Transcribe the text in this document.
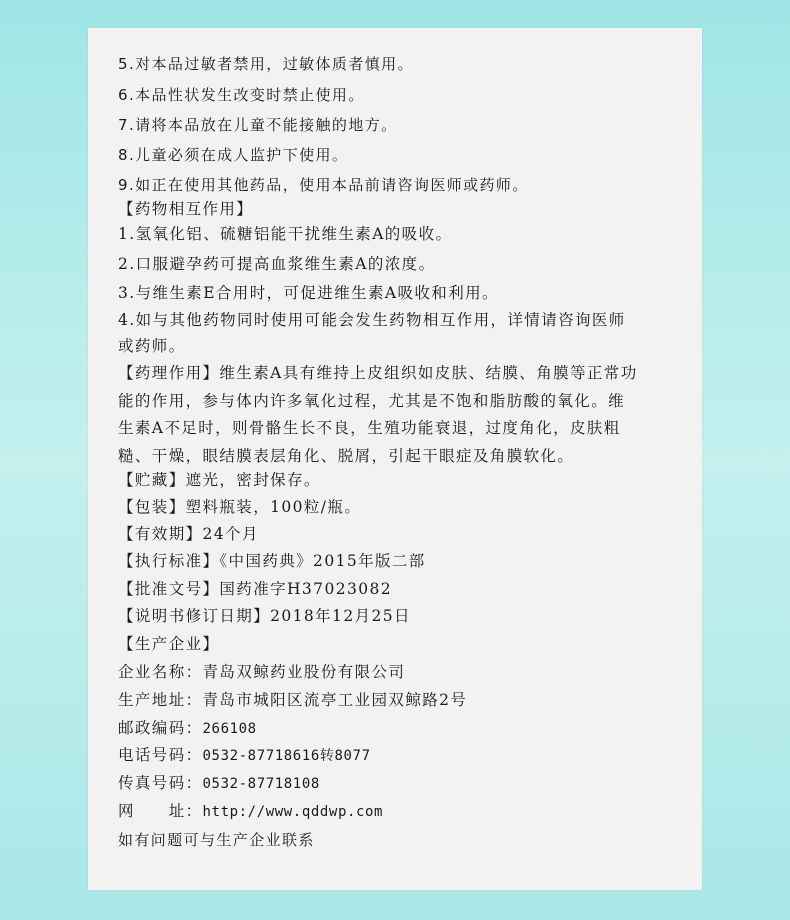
5.对本品过敏者禁用，过敏体质者慎用。
6.本品性状发生改变时禁止使用。
7.请将本品放在儿童不能接触的地方。
8.儿童必须在成人监护下使用。
9.如正在使用其他药品，使用本品前请咨询医师或药师。
【药物相互作用】
1.氢氧化铝、硫糖铝能干扰维生素A的吸收。
2.口服避孕药可提高血浆维生素A的浓度。
3.与维生素E合用时，可促进维生素A吸收和利用。
4.如与其他药物同时使用可能会发生药物相互作用，详情请咨询医师
或药师。
【药理作用】维生素A具有维持上皮组织如皮肤、结膜、角膜等正常功
能的作用，参与体内许多氧化过程，尤其是不饱和脂肪酸的氧化。维
生素A不足时，则骨骼生长不良，生殖功能衰退，过度角化，皮肤粗
糙、干燥，眼结膜表层角化、脱屑，引起干眼症及角膜软化。
【贮藏】遮光，密封保存。
【包装】塑料瓶装，100粒/瓶。
【有效期】24个月
【执行标准】《中国药典》2015年版二部
【批准文号】国药准字H37023082
【说明书修订日期】2018年12月25日
【生产企业】
企业名称：青岛双鲸药业股份有限公司
生产地址：青岛市城阳区流亭工业园双鲸路2号
邮政编码：266108
电话号码：0532-87718616转8077
传真号码：0532-87718108
网　　址：http://www.qddwp.com
如有问题可与生产企业联系
